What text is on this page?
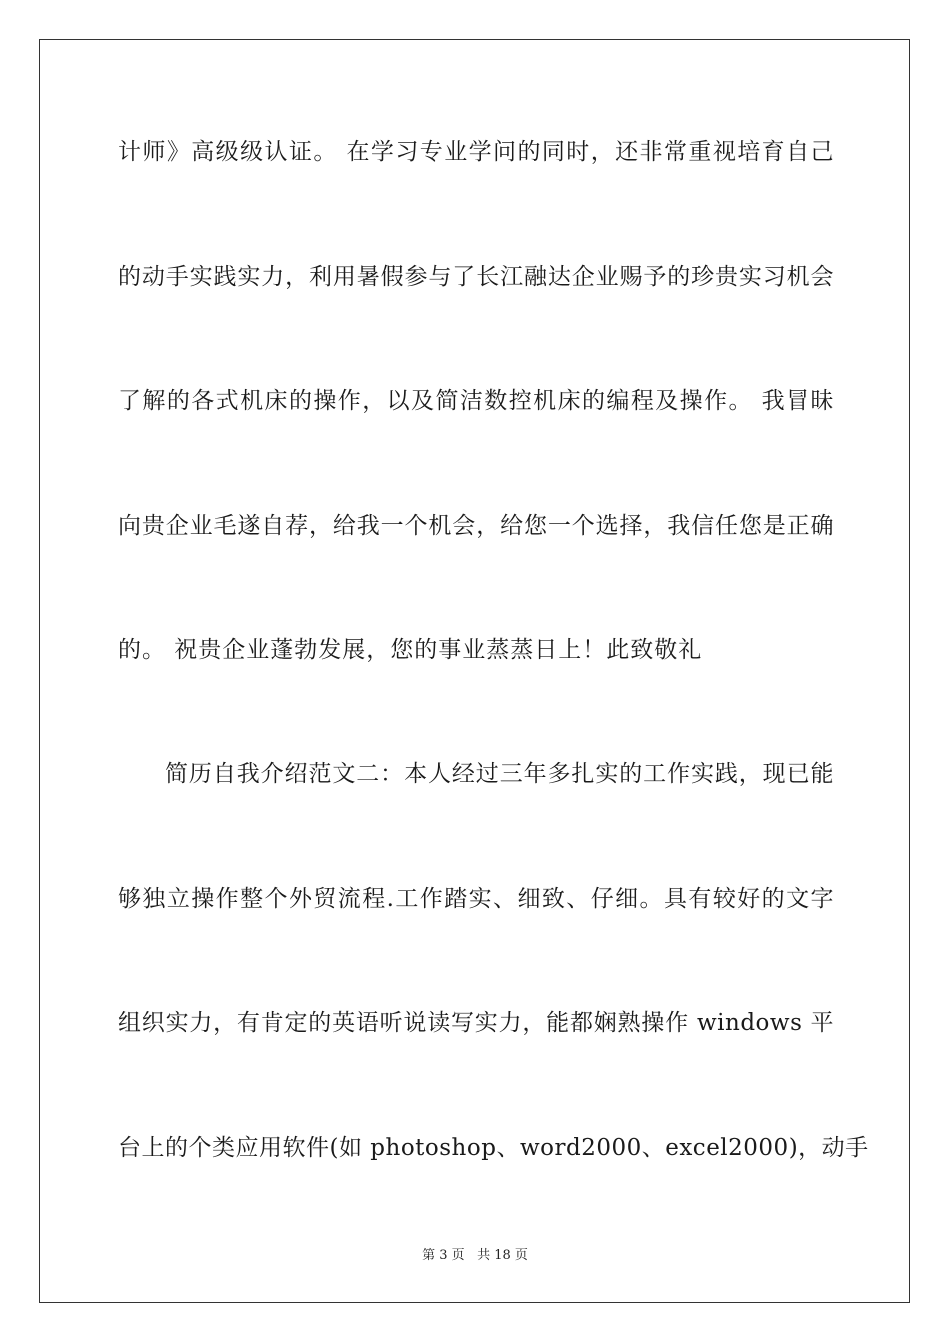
计师》高级级认证。 在学习专业学问的同时，还非常重视培育自己
的动手实践实力，利用暑假参与了长江融达企业赐予的珍贵实习机会
了解的各式机床的操作，以及简洁数控机床的编程及操作。 我冒昧
向贵企业毛遂自荐，给我一个机会，给您一个选择，我信任您是正确
的。 祝贵企业蓬勃发展，您的事业蒸蒸日上！此致敬礼
简历自我介绍范文二：本人经过三年多扎实的工作实践，现已能
够独立操作整个外贸流程.工作踏实、细致、仔细。具有较好的文字
组织实力，有肯定的英语听说读写实力，能都娴熟操作 windows 平
台上的个类应用软件(如 photoshop、word2000、excel2000)，动手
第 3 页 共 18 页
